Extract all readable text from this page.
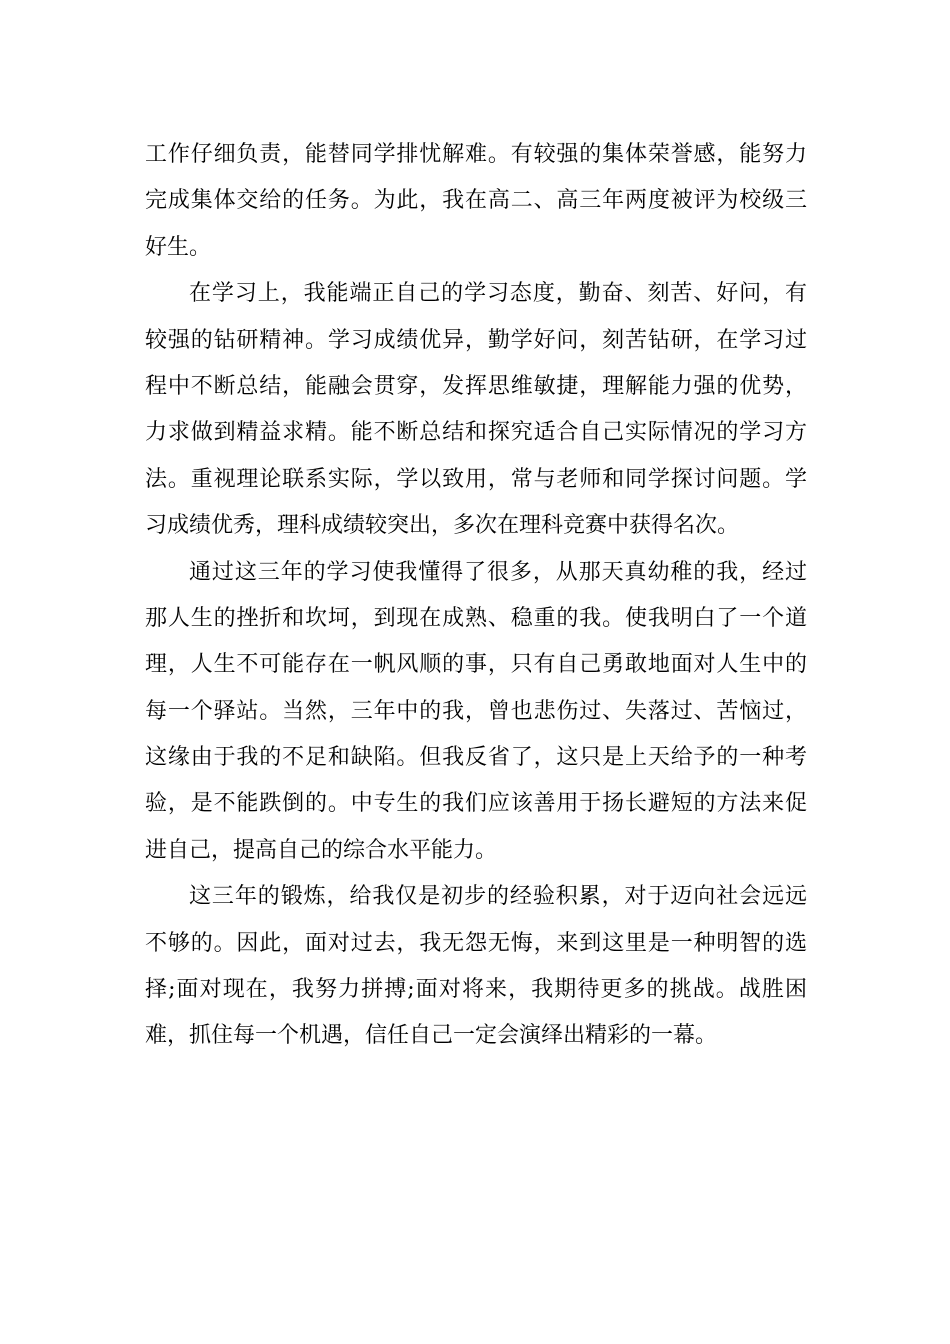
工作仔细负责，能替同学排忧解难。有较强的集体荣誉感，能努力
完成集体交给的任务。为此，我在高二、高三年两度被评为校级三
好生。

在学习上，我能端正自己的学习态度，勤奋、刻苦、好问，有
较强的钻研精神。学习成绩优异，勤学好问，刻苦钻研，在学习过
程中不断总结，能融会贯穿，发挥思维敏捷，理解能力强的优势，
力求做到精益求精。能不断总结和探究适合自己实际情况的学习方
法。重视理论联系实际，学以致用，常与老师和同学探讨问题。学
习成绩优秀，理科成绩较突出，多次在理科竞赛中获得名次。

通过这三年的学习使我懂得了很多，从那天真幼稚的我，经过
那人生的挫折和坎坷，到现在成熟、稳重的我。使我明白了一个道
理，人生不可能存在一帆风顺的事，只有自己勇敢地面对人生中的
每一个驿站。当然，三年中的我，曾也悲伤过、失落过、苦恼过，
这缘由于我的不足和缺陷。但我反省了，这只是上天给予的一种考
验，是不能跌倒的。中专生的我们应该善用于扬长避短的方法来促
进自己，提高自己的综合水平能力。

这三年的锻炼，给我仅是初步的经验积累，对于迈向社会远远
不够的。因此，面对过去，我无怨无悔，来到这里是一种明智的选
择;面对现在，我努力拼搏;面对将来，我期待更多的挑战。战胜困
难，抓住每一个机遇，信任自己一定会演绎出精彩的一幕。
